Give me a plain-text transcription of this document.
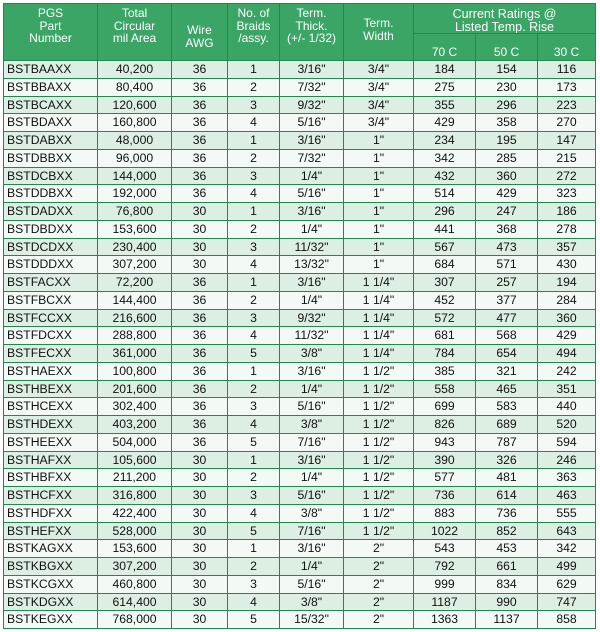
PGS
Part
Number	Total
Circular
mil Area	Wire
AWG	No. of
Braids
/assy.	Term.
Thick.
(+/- 1/32)	Term.
Width	Current Ratings @
Listed Temp. Rise		

						70 C	50 C	30 C

BSTBAAXX	40,200	36	1	3/16"	3/4"	184	154	116
BSTBBAXX	80,400	36	2	7/32"	3/4"	275	230	173
BSTBCAXX	120,600	36	3	9/32"	3/4"	355	296	223
BSTBDAXX	160,800	36	4	5/16"	3/4"	429	358	270
BSTDABXX	48,000	36	1	3/16"	1"	234	195	147
BSTDBBXX	96,000	36	2	7/32"	1"	342	285	215
BSTDCBXX	144,000	36	3	1/4"	1"	432	360	272
BSTDDBXX	192,000	36	4	5/16"	1"	514	429	323
BSTDADXX	76,800	30	1	3/16"	1"	296	247	186
BSTDBDXX	153,600	30	2	1/4"	1"	441	368	278
BSTDCDXX	230,400	30	3	11/32"	1"	567	473	357
BSTDDDXX	307,200	30	4	13/32"	1"	684	571	430
BSTFACXX	72,200	36	1	3/16"	1 1/4"	307	257	194
BSTFBCXX	144,400	36	2	1/4"	1 1/4"	452	377	284
BSTFCCXX	216,600	36	3	9/32"	1 1/4"	572	477	360
BSTFDCXX	288,800	36	4	11/32"	1 1/4"	681	568	429
BSTFECXX	361,000	36	5	3/8"	1 1/4"	784	654	494
BSTHAEXX	100,800	36	1	3/16"	1 1/2"	385	321	242
BSTHBEXX	201,600	36	2	1/4"	1 1/2"	558	465	351
BSTHCEXX	302,400	36	3	5/16"	1 1/2"	699	583	440
BSTHDEXX	403,200	36	4	3/8"	1 1/2"	826	689	520
BSTHEEXX	504,000	36	5	7/16"	1 1/2"	943	787	594
BSTHAFXX	105,600	30	1	3/16"	1 1/2"	390	326	246
BSTHBFXX	211,200	30	2	1/4"	1 1/2"	577	481	363
BSTHCFXX	316,800	30	3	5/16"	1 1/2"	736	614	463
BSTHDFXX	422,400	30	4	3/8"	1 1/2"	883	736	555
BSTHEFXX	528,000	30	5	7/16"	1 1/2"	1022	852	643
BSTKAGXX	153,600	30	1	3/16"	2"	543	453	342
BSTKBGXX	307,200	30	2	1/4"	2"	792	661	499
BSTKCGXX	460,800	30	3	5/16"	2"	999	834	629
BSTKDGXX	614,400	30	4	3/8"	2"	1187	990	747
BSTKEGXX	768,000	30	5	15/32"	2"	1363	1137	858
